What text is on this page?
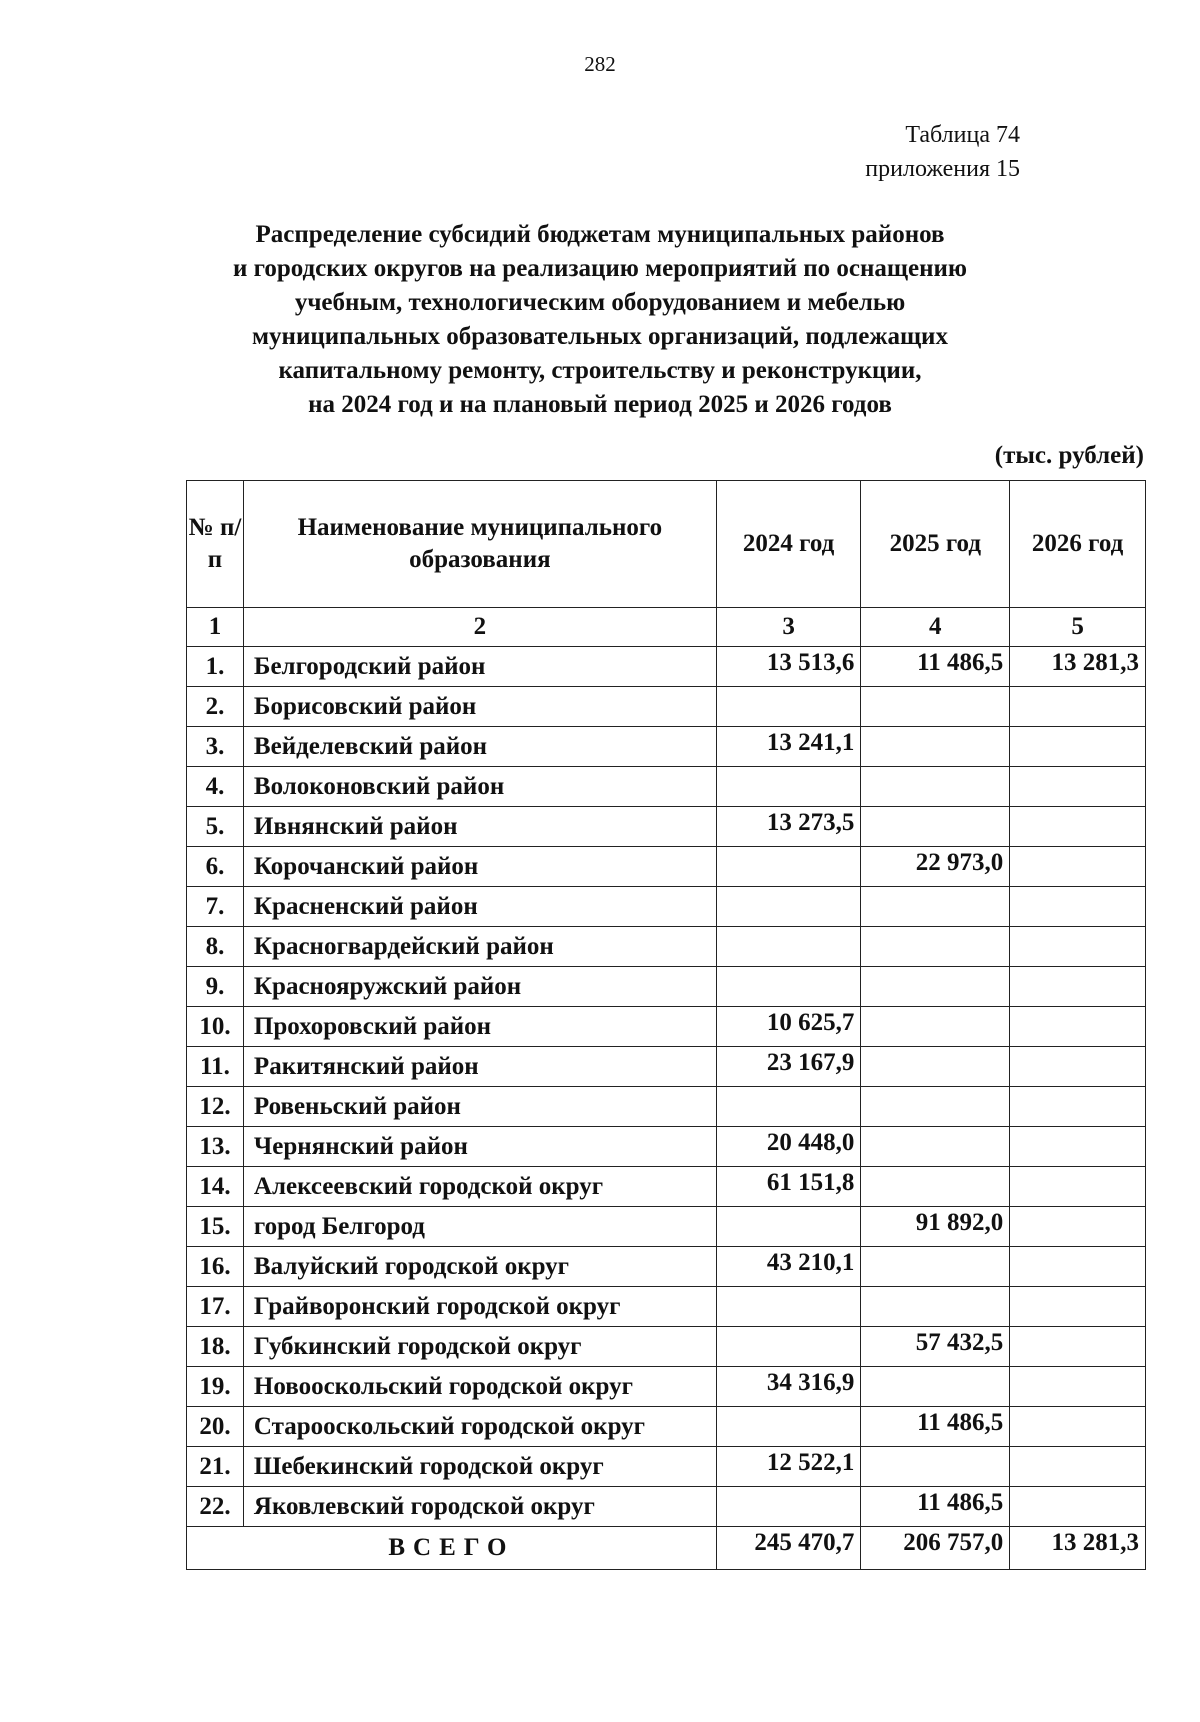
282
Таблица 74
приложения 15
Распределение субсидий бюджетам муниципальных районов
и городских округов на реализацию мероприятий по оснащению
учебным, технологическим оборудованием и мебелью
муниципальных образовательных организаций, подлежащих
капитальному ремонту, строительству и реконструкции,
на 2024 год и на плановый период 2025 и 2026 годов
(тыс. рублей)
№ п/п	Наименование муниципального образования	2024 год	2025 год	2026 год
1	2	3	4	5
1.	Белгородский район	13 513,6	11 486,5	13 281,3
2.	Борисовский район			
3.	Вейделевский район	13 241,1		
4.	Волоконовский район			
5.	Ивнянский район	13 273,5		
6.	Корочанский район		22 973,0	
7.	Красненский район			
8.	Красногвардейский район			
9.	Краснояружский район			
10.	Прохоровский район	10 625,7		
11.	Ракитянский район	23 167,9		
12.	Ровеньский район			
13.	Чернянский район	20 448,0		
14.	Алексеевский городской округ	61 151,8		
15.	город Белгород		91 892,0	
16.	Валуйский городской округ	43 210,1		
17.	Грайворонский городской округ			
18.	Губкинский городской округ		57 432,5	
19.	Новооскольский городской округ	34 316,9		
20.	Старооскольский городской округ		11 486,5	
21.	Шебекинский городской округ	12 522,1		
22.	Яковлевский городской округ		11 486,5	
ВСЕГО		245 470,7	206 757,0	13 281,3
